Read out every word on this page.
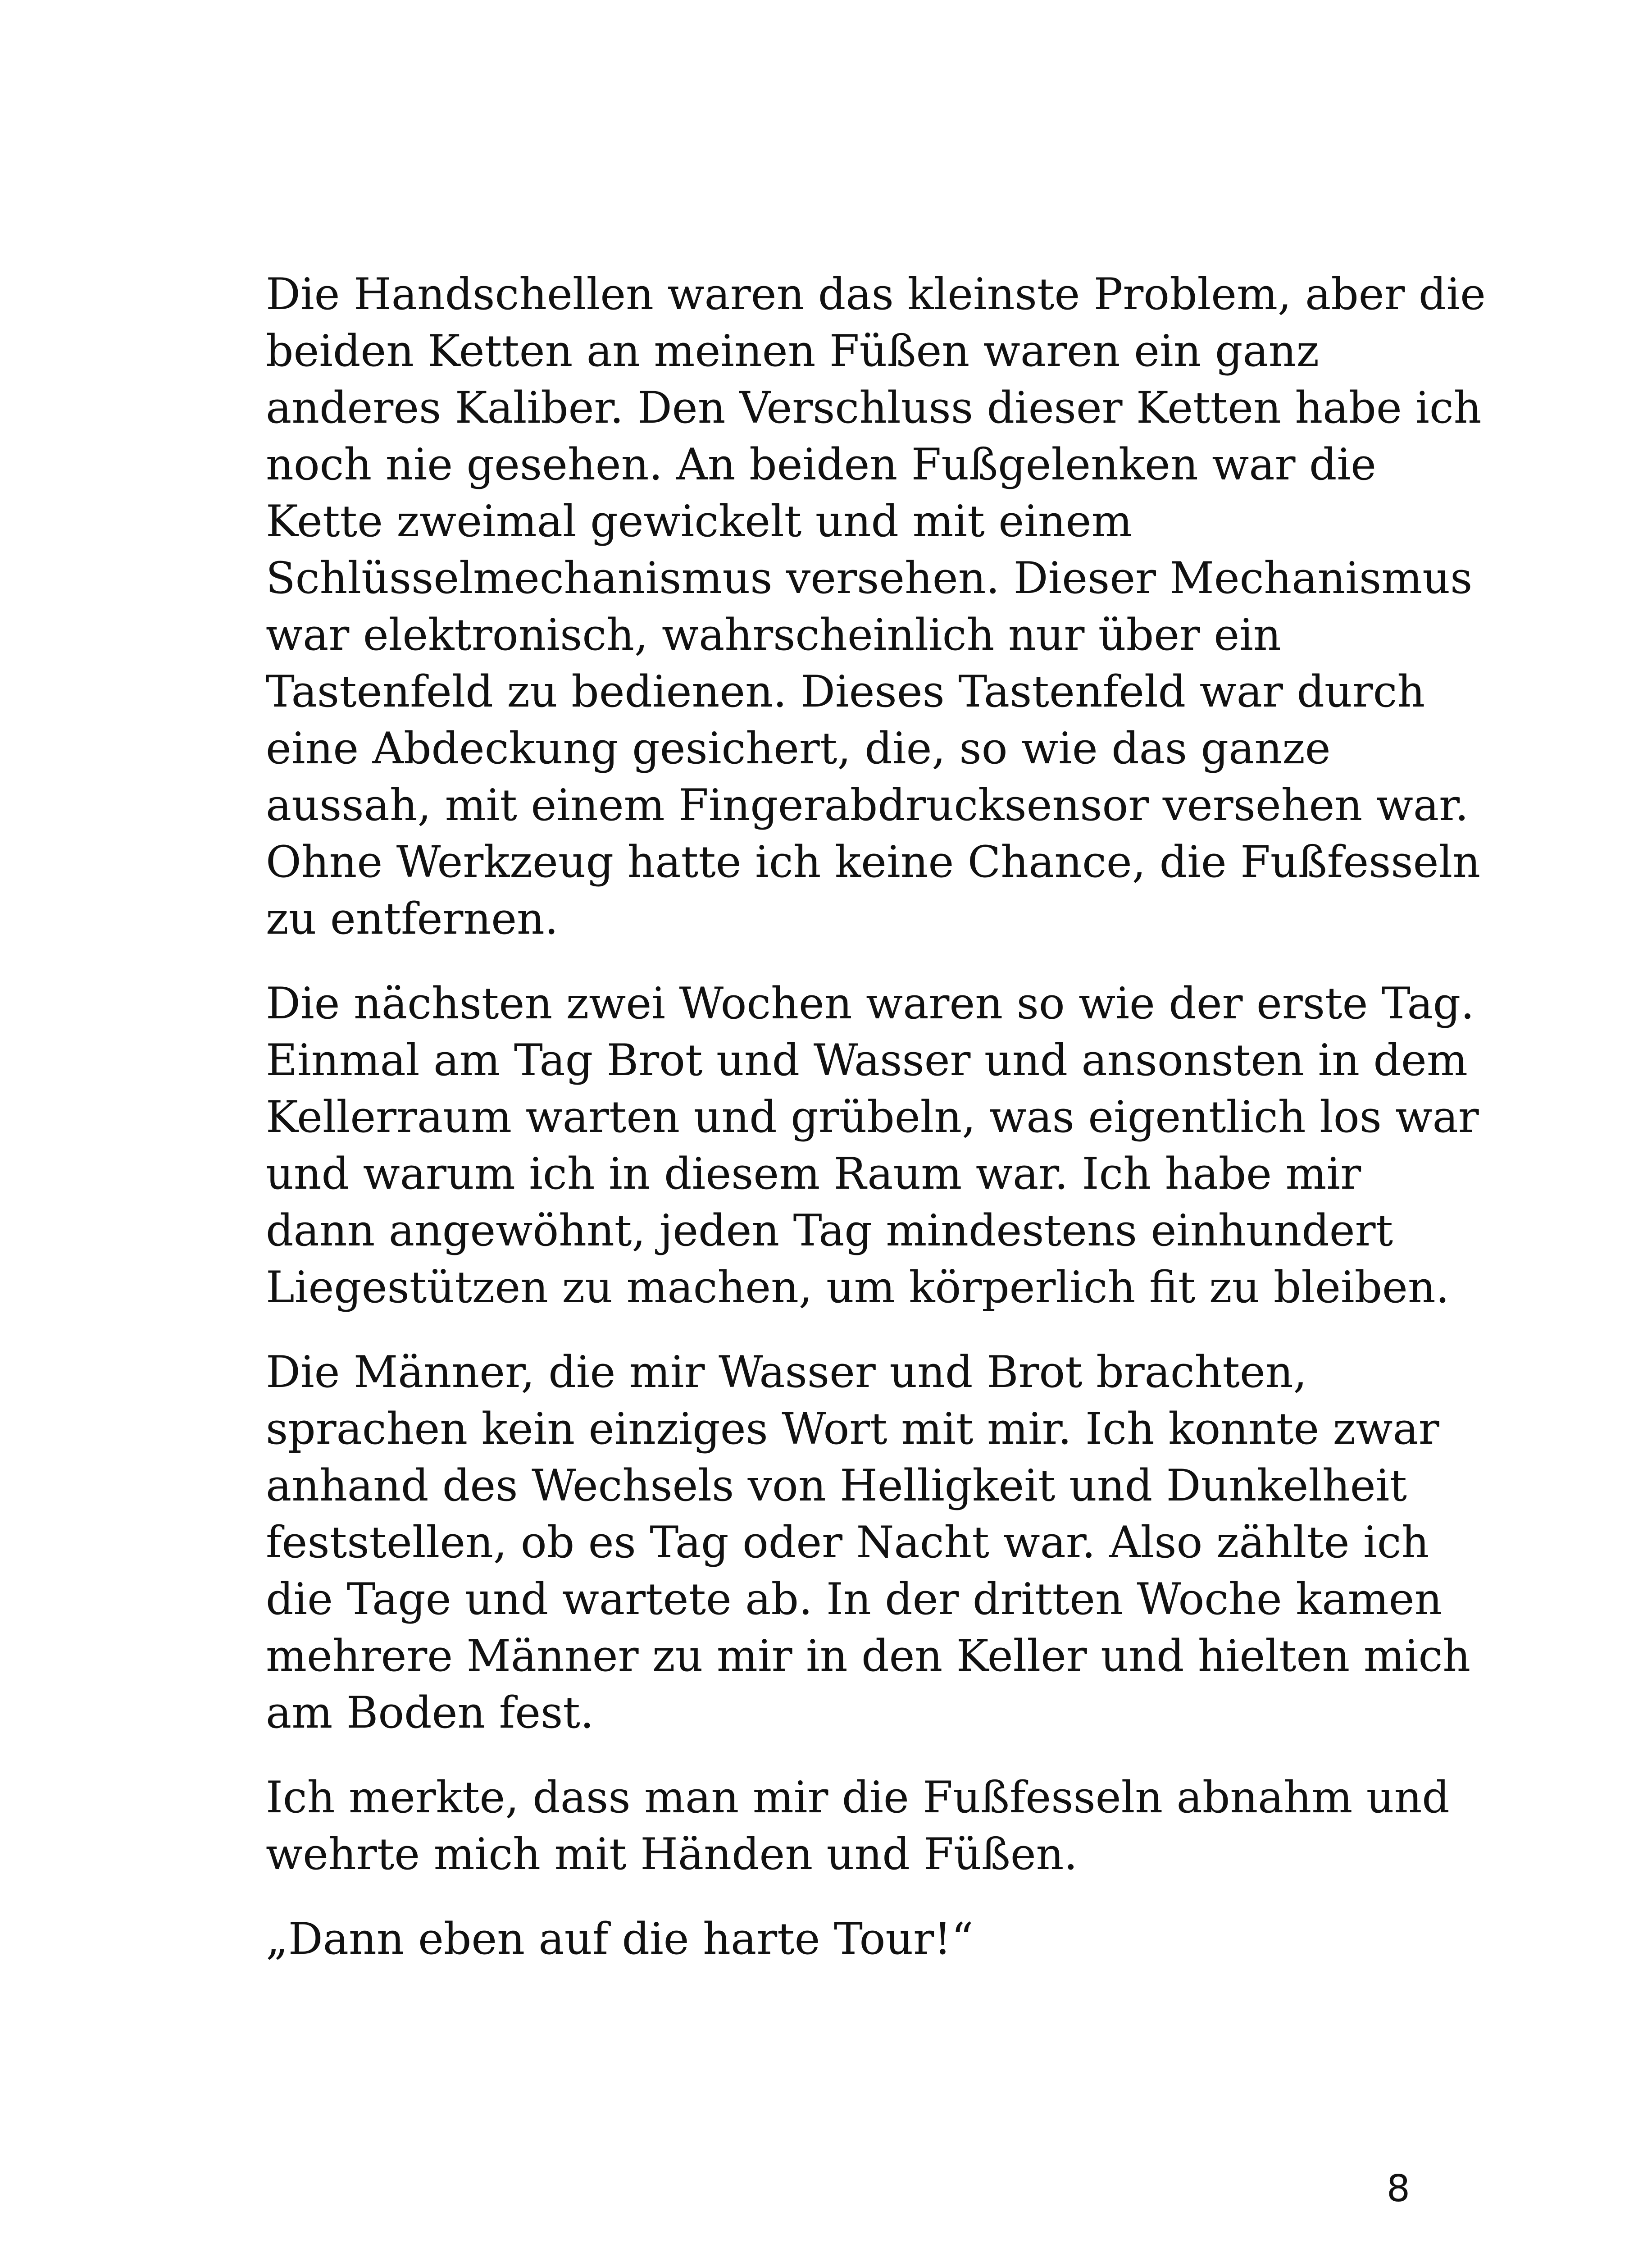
Die Handschellen waren das kleinste Problem, aber die
beiden Ketten an meinen Füßen waren ein ganz
anderes Kaliber. Den Verschluss dieser Ketten habe ich
noch nie gesehen. An beiden Fußgelenken war die
Kette zweimal gewickelt und mit einem
Schlüsselmechanismus versehen. Dieser Mechanismus
war elektronisch, wahrscheinlich nur über ein
Tastenfeld zu bedienen. Dieses Tastenfeld war durch
eine Abdeckung gesichert, die, so wie das ganze
aussah, mit einem Fingerabdrucksensor versehen war.
Ohne Werkzeug hatte ich keine Chance, die Fußfesseln
zu entfernen.

Die nächsten zwei Wochen waren so wie der erste Tag.
Einmal am Tag Brot und Wasser und ansonsten in dem
Kellerraum warten und grübeln, was eigentlich los war
und warum ich in diesem Raum war. Ich habe mir
dann angewöhnt, jeden Tag mindestens einhundert
Liegestützen zu machen, um körperlich fit zu bleiben.

Die Männer, die mir Wasser und Brot brachten,
sprachen kein einziges Wort mit mir. Ich konnte zwar
anhand des Wechsels von Helligkeit und Dunkelheit
feststellen, ob es Tag oder Nacht war. Also zählte ich
die Tage und wartete ab. In der dritten Woche kamen
mehrere Männer zu mir in den Keller und hielten mich
am Boden fest.

Ich merkte, dass man mir die Fußfesseln abnahm und
wehrte mich mit Händen und Füßen.

„Dann eben auf die harte Tour!“

8
